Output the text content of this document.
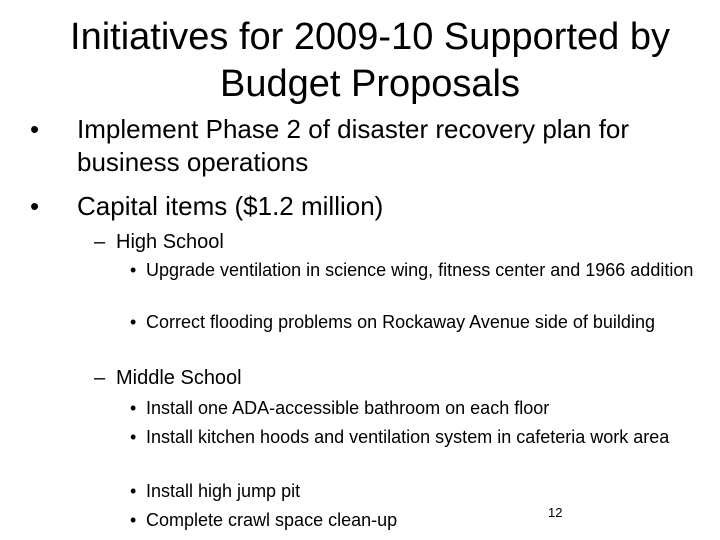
Initiatives for 2009-10 Supported by
Budget Proposals
•	Implement Phase 2 of disaster recovery plan for business operations
•	Capital items ($1.2 million)
– High School
• Upgrade ventilation in science wing, fitness center and 1966 addition
• Correct flooding problems on Rockaway Avenue side of building
– Middle School
• Install one ADA-accessible bathroom on each floor
• Install kitchen hoods and ventilation system in cafeteria work area
• Install high jump pit
• Complete crawl space clean-up	12
